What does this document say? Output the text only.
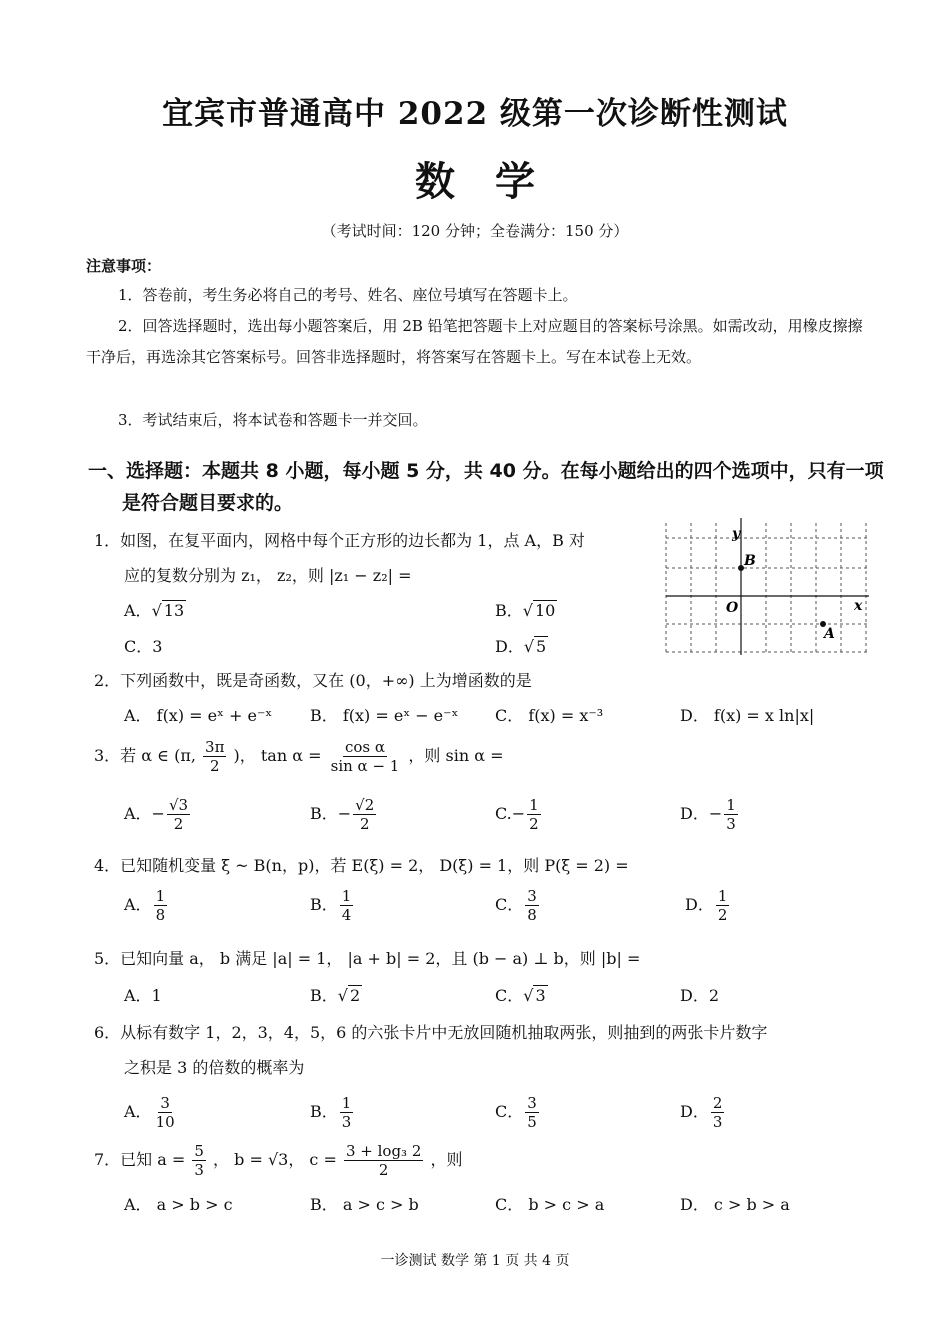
宜宾市普通高中 2022 级第一次诊断性测试
数学
（考试时间：120 分钟；全卷满分：150 分）
注意事项：
1．答卷前，考生务必将自己的考号、姓名、座位号填写在答题卡上。
2．回答选择题时，选出每小题答案后，用 2B 铅笔把答题卡上对应题目的答案标号涂黑。如需改动，用橡皮擦擦干净后，再选涂其它答案标号。回答非选择题时，将答案写在答题卡上。写在本试卷上无效。
3．考试结束后，将本试卷和答题卡一并交回。
一、选择题：本题共 8 小题，每小题 5 分，共 40 分。在每小题给出的四个选项中，只有一项是符合题目要求的。
1．如图，在复平面内，网格中每个正方形的边长都为 1，点 A，B 对
应的复数分别为 z₁， z₂，则 |z₁ − z₂| =
A．√ 13	B．√ 10
C．3	D．√ 5
y
x
O
B
A
2．下列函数中，既是奇函数，又在 (0，+∞) 上为增函数的是
A． f(x) = eˣ + e⁻ˣ B． f(x) = eˣ − e⁻ˣ C． f(x) = x⁻³	D． f(x) = x ln|x|
3．若 α ∈ (π, $\frac{3\pi}{2}$ )， $\tan \alpha = \frac{\text{cos α}}{\text{sin α − 1}}$ ，则 sin α =
A．− $\frac{√3}{2}$	B．− $\frac{√2}{2}$	$C.- \frac{1}{2}$	D．− $\frac{1}{3}$
4．已知随机变量 ξ ~ B(n，p)，若 E(ξ) = 2， D(ξ) = 1，则 P(ξ = 2) =
A． $\frac{1}{8}$	B． $\frac{1}{4}$	C． $\frac{3}{8}$	D． $\frac{1}{2}$
5．已知向量 a， b 满足 |a| = 1， |a + b| = 2，且 (b − a) ⊥ b，则 |b| =
A．1	B．√ 2	C．√ 3	D．2
6．从标有数字 1，2，3，4，5，6 的六张卡片中无放回随机抽取两张，则抽到的两张卡片数字
之积是 3 的倍数的概率为
A． $\frac{3}{10}$	B． $\frac{1}{3}$	C． $\frac{3}{5}$	D． $\frac{2}{3}$
7．已知 $a = \frac{5}{3}$ ， b = √3， $c = \frac{\text{3 + log₃ 2}}{2}$ ，则
A． a > b > c	B． a > c > b	C． b > c > a	D． c > b > a
一诊测试 数学 第 1 页 共 4 页
